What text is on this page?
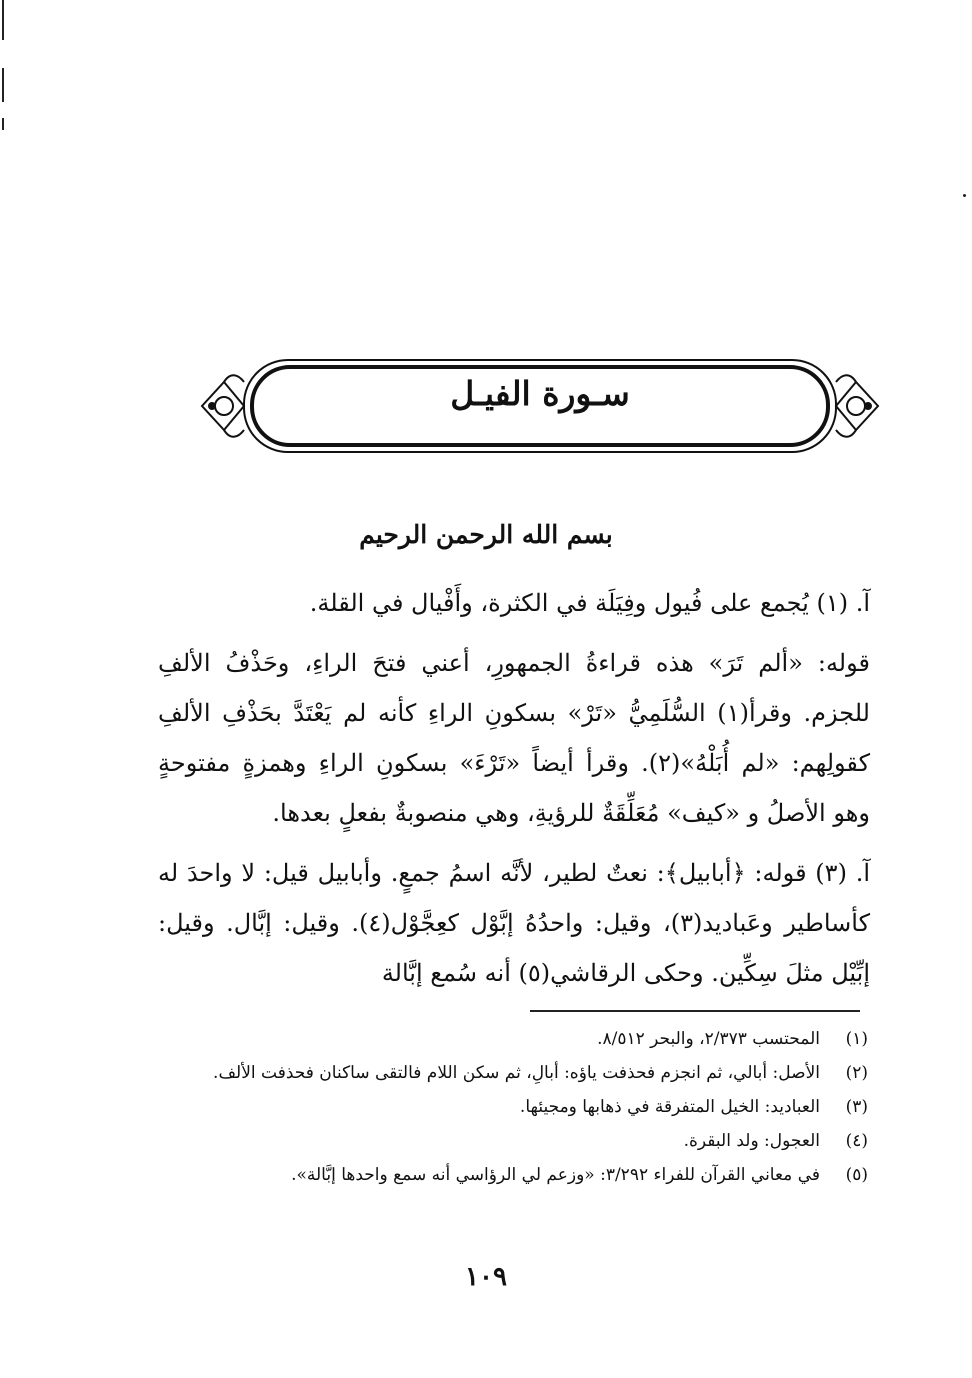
سـورة الفيـل
بسم الله الرحمن الرحيم

آ. (١) يُجمع على فُيول وفِيَلَة في الكثرة، وأَفْيال في القلة.

قوله: «ألم تَرَ» هذه قراءةُ الجمهورِ، أعني فتحَ الراءِ، وحَذْفُ الألفِ للجزم. وقرأ(١) السُّلَمِيُّ «تَرْ» بسكونِ الراءِ كأنه لم يَعْتَدَّ بحَذْفِ الألفِ كقولِهم: «لم أُبَلْهُ»(٢). وقرأ أيضاً «تَرْءَ» بسكونِ الراءِ وهمزةٍ مفتوحةٍ وهو الأصلُ و «كيف» مُعَلِّقَةٌ للرؤيةِ، وهي منصوبةٌ بفعلٍ بعدها.

آ. (٣) قوله: ﴿أبابيل﴾: نعتٌ لطير، لأنَّه اسمُ جمعٍ. وأبابيل قيل: لا واحدَ له كأساطير وعَباديد(٣)، وقيل: واحدُهُ إبَّوْل كعِجَّوْل(٤). وقيل: إبَّال. وقيل: إبِّيْل مثلَ سِكِّين. وحكى الرقاشي(٥) أنه سُمع إبَّالة

(١)
المحتسب ٢/٣٧٣، والبحر ٨/٥١٢.
(٢)
الأصل: أبالي، ثم انجزم فحذفت ياؤه: أبالِ، ثم سكن اللام فالتقى ساكنان فحذفت الألف.
(٣)
العباديد: الخيل المتفرقة في ذهابها ومجيئها.
(٤)
العجول: ولد البقرة.
(٥)
في معاني القرآن للفراء ٣/٢٩٢: «وزعم لي الرؤاسي أنه سمع واحدها إبَّالة».
١٠٩
